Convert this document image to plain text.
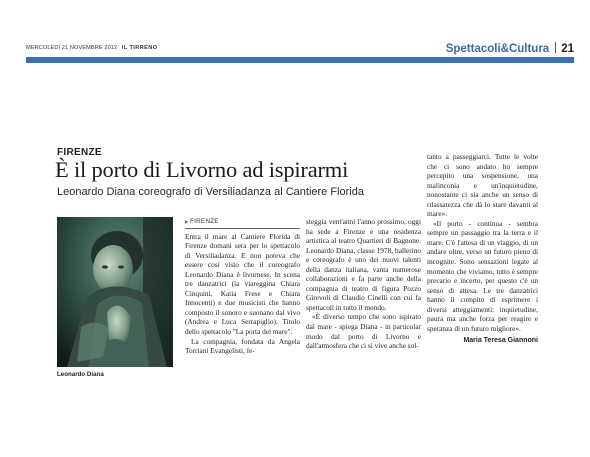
MERCOLEDÌ 21 NOVEMBRE 2012 IL TIRRENO	Spettacoli&Cultura 21
FIRENZE
È il porto di Livorno ad ispirarmi
Leonardo Diana coreografo di Versiliadanza al Cantiere Florida
Leonardo Diana
FIRENZE

Entra il mare al Cantiere Florida di Firenze domani sera per lo spettacolo di Versiliadanza. E non poteva che essere così visto che il coreografo Leonardo Diana è livornese. In scena tre danzatrici (la viareggina Chiara Cinquini, Katia Frese e Chiara Innocenti) e due musicisti che hanno composto il sonoro e suonano dal vivo (Andrea e Luca Serrapiglio). Titolo dello spettacolo "La porta del mare".

La compagnia, fondata da Angela Torriani Evangelisti, fe-

steggia vent'anni l'anno prossimo, oggi ha sede a Firenze e una residenza artistica al teatro Quartieri di Bagnone. Leonardo Diana, classe 1978, ballerino e coreografo è uno dei nuovi talenti della danza italiana, vanta numerose collaborazioni e fa parte anche della compagnia di teatro di figura Pozzo Girevoli di Claudio Cinelli con cui fa spettacoli in tutto il mondo.

«È diverso tempo che sono ispirato dal mare - spiega Diana - in particolar modo dal porto di Livorno e dall'atmosfera che ci si vive anche sol-

tanto a passeggiarci. Tutte le volte che ci sono andato ho sempre percepito una sospensione, una malinconia e un'inquietudine, nonostante ci sia anche un senso di rilassatezza che dà lo stare davanti al mare».

«Il porto - continua - sembra sempre un passaggio tra la terra e il mare. C'è l'attesa di un viaggio, di un andare oltre, verso un futuro pieno di incognite. Sono sensazioni legate al momento che viviamo, tutto è sempre precario e incerto, per questo c'è un senso di attesa. Le tre danzatrici hanno il compito di esprimere i diversi atteggiamenti: inquietudine, paura ma anche forza per reagire e speranza di un futuro migliore».

Maria Teresa Giannoni
